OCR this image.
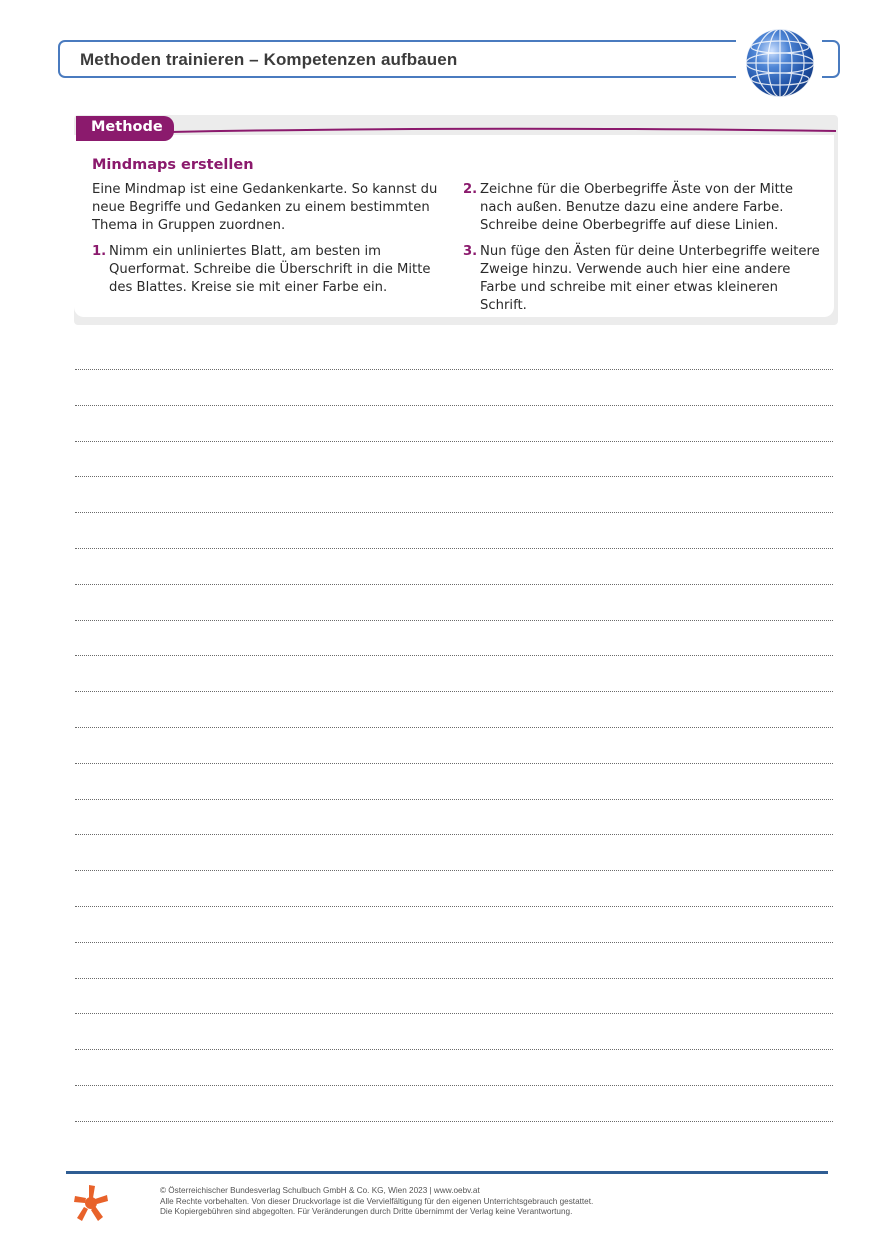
Methoden trainieren – Kompetenzen aufbauen
Methode
Mindmaps erstellen

Eine Mindmap ist eine Gedankenkarte. So kannst du neue Begriffe und Gedanken zu einem bestimmten Thema in Gruppen zuordnen.

1. Nimm ein unliniertes Blatt, am besten im Querformat. Schreibe die Überschrift in die Mitte des Blattes. Kreise sie mit einer Farbe ein.
2. Zeichne für die Oberbegriffe Äste von der Mitte nach außen. Benutze dazu eine andere Farbe. Schreibe deine Oberbegriffe auf diese Linien.
3. Nun füge den Ästen für deine Unterbegriffe weitere Zweige hinzu. Verwende auch hier eine andere Farbe und schreibe mit einer etwas kleineren Schrift.
© Österreichischer Bundesverlag Schulbuch GmbH & Co. KG, Wien 2023 | www.oebv.at
Alle Rechte vorbehalten. Von dieser Druckvorlage ist die Vervielfältigung für den eigenen Unterrichtsgebrauch gestattet.
Die Kopiergebühren sind abgegolten. Für Veränderungen durch Dritte übernimmt der Verlag keine Verantwortung.
